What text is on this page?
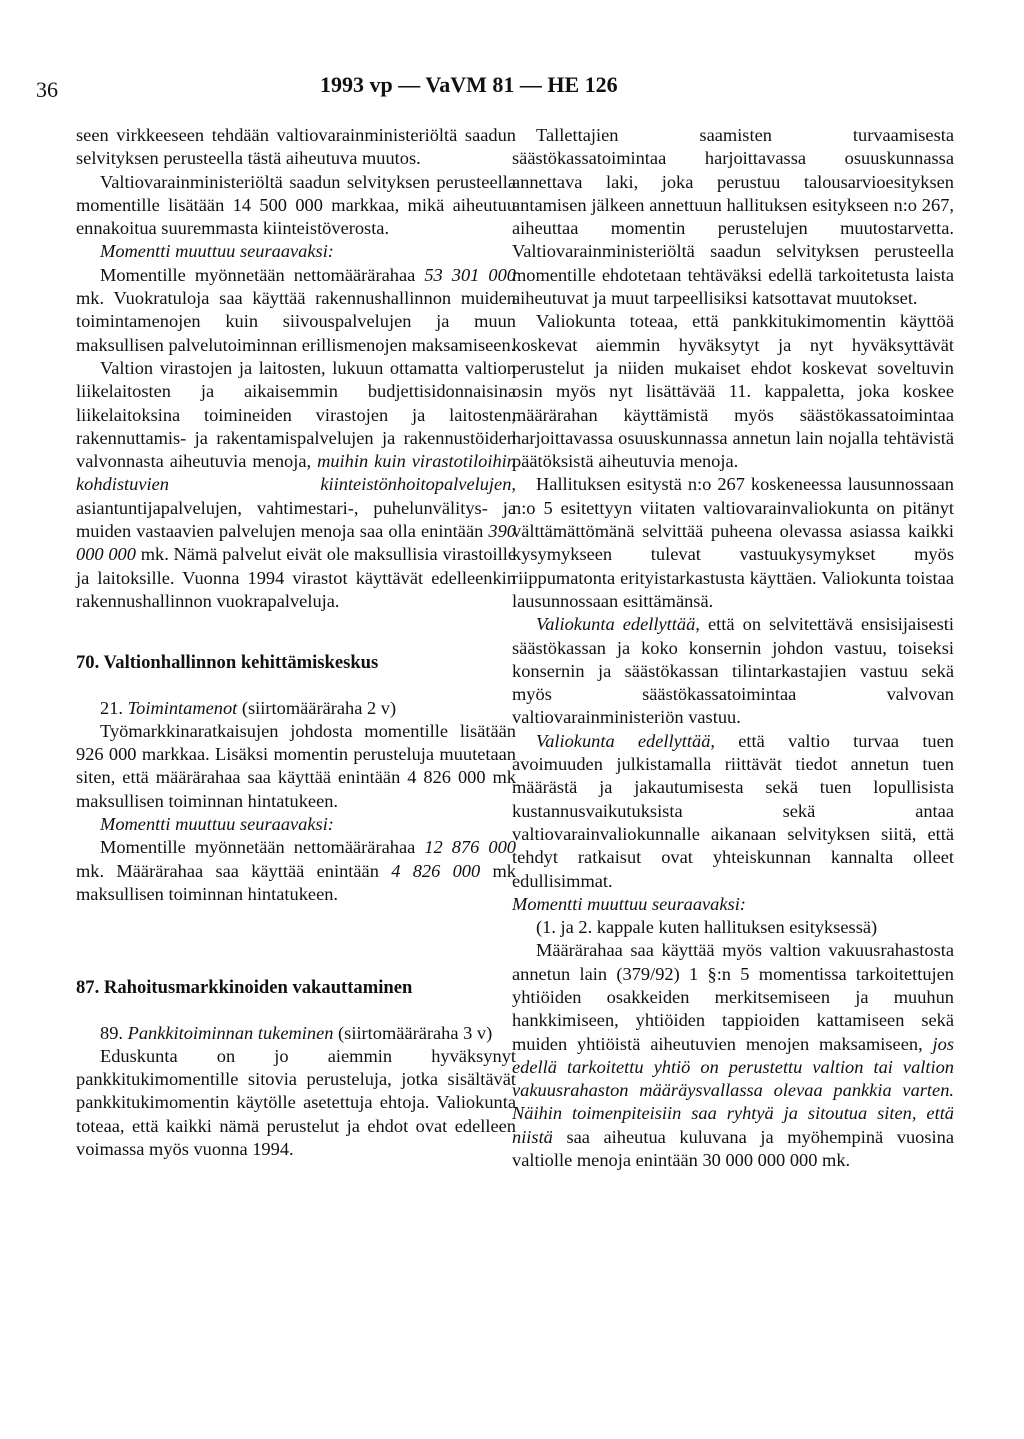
36	1993 vp — VaVM 81 — HE 126

seen virkkeeseen tehdään valtiovarainministeriöltä saadun selvityksen perusteella tästä aiheutuva muutos.

Valtiovarainministeriöltä saadun selvityksen perusteella momentille lisätään 14 500 000 markkaa, mikä aiheutuu ennakoitua suuremmasta kiinteistöverosta.

Momentti muuttuu seuraavaksi:

Momentille myönnetään nettomäärärahaa 53 301 000 mk. Vuokratuloja saa käyttää rakennushallinnon muiden toimintamenojen kuin siivouspalvelujen ja muun maksullisen palvelutoiminnan erillismenojen maksamiseen.

Valtion virastojen ja laitosten, lukuun ottamatta valtion liikelaitosten ja aikaisemmin budjettisidonnaisina liikelaitoksina toimineiden virastojen ja laitosten, rakennuttamis- ja rakentamispalvelujen ja rakennustöiden valvonnasta aiheutuvia menoja, muihin kuin virastotiloihin kohdistuvien kiinteistönhoitopalvelujen, asiantuntijapalvelujen, vahtimestari-, puhelunvälitys- ja muiden vastaavien palvelujen menoja saa olla enintään 390 000 000 mk. Nämä palvelut eivät ole maksullisia virastoille ja laitoksille. Vuonna 1994 virastot käyttävät edelleenkin rakennushallinnon vuokrapalveluja.

70. Valtionhallinnon kehittämiskeskus

21. Toimintamenot (siirtomääräraha 2 v)

Työmarkkinaratkaisujen johdosta momentille lisätään 926 000 markkaa. Lisäksi momentin perusteluja muutetaan siten, että määrärahaa saa käyttää enintään 4 826 000 mk maksullisen toiminnan hintatukeen.

Momentti muuttuu seuraavaksi:

Momentille myönnetään nettomäärärahaa 12 876 000 mk. Määrärahaa saa käyttää enintään 4 826 000 mk maksullisen toiminnan hintatukeen.

87. Rahoitusmarkkinoiden vakauttaminen

89. Pankkitoiminnan tukeminen (siirtomääräraha 3 v)

Eduskunta on jo aiemmin hyväksynyt pankkitukimomentille sitovia perusteluja, jotka sisältävät pankkitukimomentin käytölle asetettuja ehtoja. Valiokunta toteaa, että kaikki nämä perustelut ja ehdot ovat edelleen voimassa myös vuonna 1994.

Tallettajien saamisten turvaamisesta säästökassatoimintaa harjoittavassa osuuskunnassa annettava laki, joka perustuu talousarvioesityksen antamisen jälkeen annettuun hallituksen esitykseen n:o 267, aiheuttaa momentin perustelujen muutostarvetta. Valtiovarainministeriöltä saadun selvityksen perusteella momentille ehdotetaan tehtäväksi edellä tarkoitetusta laista aiheutuvat ja muut tarpeellisiksi katsottavat muutokset.

Valiokunta toteaa, että pankkitukimomentin käyttöä koskevat aiemmin hyväksytyt ja nyt hyväksyttävät perustelut ja niiden mukaiset ehdot koskevat soveltuvin osin myös nyt lisättävää 11. kappaletta, joka koskee määrärahan käyttämistä myös säästökassatoimintaa harjoittavassa osuuskunnassa annetun lain nojalla tehtävistä päätöksistä aiheutuvia menoja.

Hallituksen esitystä n:o 267 koskeneessa lausunnossaan n:o 5 esitettyyn viitaten valtiovarainvaliokunta on pitänyt välttämättömänä selvittää puheena olevassa asiassa kaikki kysymykseen tulevat vastuukysymykset myös riippumatonta erityistarkastusta käyttäen. Valiokunta toistaa lausunnossaan esittämänsä.

Valiokunta edellyttää, että on selvitettävä ensisijaisesti säästökassan ja koko konsernin johdon vastuu, toiseksi konsernin ja säästökassan tilintarkastajien vastuu sekä myös säästökassatoimintaa valvovan valtiovarainministeriön vastuu.

Valiokunta edellyttää, että valtio turvaa tuen avoimuuden julkistamalla riittävät tiedot annetun tuen määrästä ja jakautumisesta sekä tuen lopullisista kustannusvaikutuksista sekä antaa valtiovarainvaliokunnalle aikanaan selvityksen siitä, että tehdyt ratkaisut ovat yhteiskunnan kannalta olleet edullisimmat.

Momentti muuttuu seuraavaksi:

(1. ja 2. kappale kuten hallituksen esityksessä)

Määrärahaa saa käyttää myös valtion vakuusrahastosta annetun lain (379/92) 1 §:n 5 momentissa tarkoitettujen yhtiöiden osakkeiden merkitsemiseen ja muuhun hankkimiseen, yhtiöiden tappioiden kattamiseen sekä muiden yhtiöistä aiheutuvien menojen maksamiseen, jos edellä tarkoitettu yhtiö on perustettu valtion tai valtion vakuusrahaston määräysvallassa olevaa pankkia varten. Näihin toimenpiteisiin saa ryhtyä ja sitoutua siten, että niistä saa aiheutua kuluvana ja myöhempinä vuosina valtiolle menoja enintään 30 000 000 000 mk.
